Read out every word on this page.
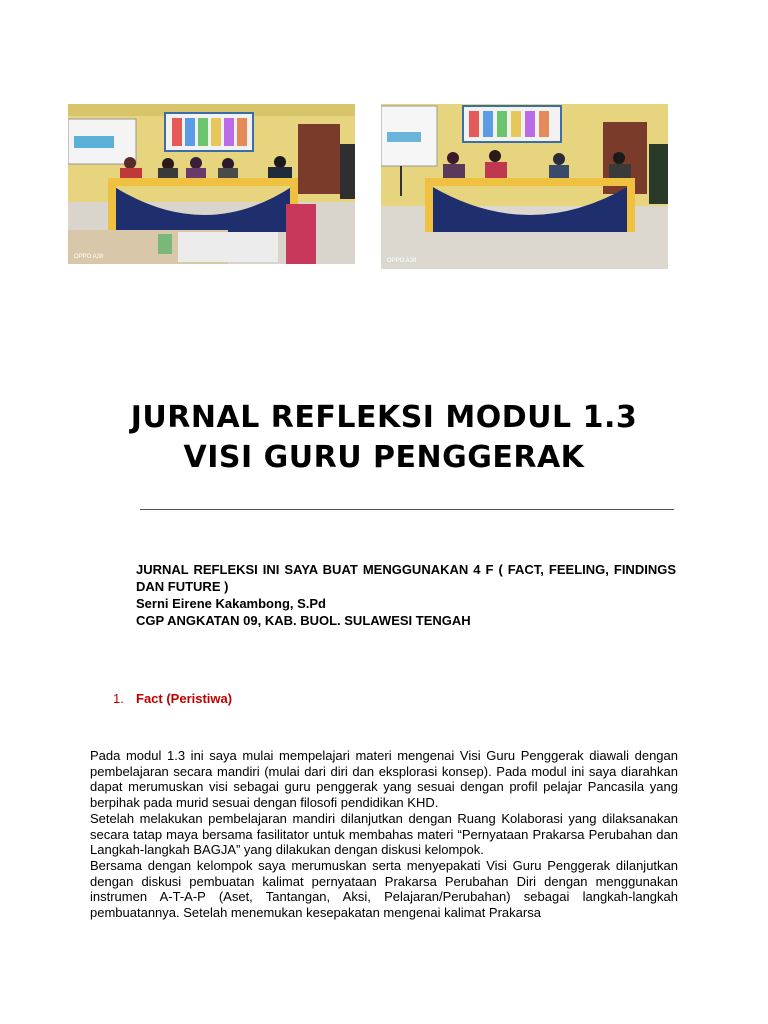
OPPO A38
OPPO A38
JURNAL REFLEKSI MODUL 1.3 VISI GURU PENGGERAK

JURNAL REFLEKSI INI SAYA BUAT MENGGUNAKAN 4 F ( FACT, FEELING, FINDINGS DAN FUTURE )

Serni Eirene Kakambong, S.Pd

CGP ANGKATAN 09, KAB. BUOL. SULAWESI TENGAH

1. Fact (Peristiwa)

Pada modul 1.3 ini saya mulai mempelajari materi mengenai Visi Guru Penggerak diawali dengan pembelajaran secara mandiri (mulai dari diri dan eksplorasi konsep). Pada modul ini saya diarahkan dapat merumuskan visi sebagai guru penggerak yang sesuai dengan profil pelajar Pancasila yang berpihak pada murid sesuai dengan filosofi pendidikan KHD.

Setelah melakukan pembelajaran mandiri dilanjutkan dengan Ruang Kolaborasi yang dilaksanakan secara tatap maya bersama fasilitator untuk membahas materi “Pernyataan Prakarsa Perubahan dan Langkah-langkah BAGJA” yang dilakukan dengan diskusi kelompok.

Bersama dengan kelompok saya merumuskan serta menyepakati Visi Guru Penggerak dilanjutkan dengan diskusi pembuatan kalimat pernyataan Prakarsa Perubahan Diri dengan menggunakan instrumen A-T-A-P (Aset, Tantangan, Aksi, Pelajaran/Perubahan) sebagai langkah-langkah pembuatannya. Setelah menemukan kesepakatan mengenai kalimat Prakarsa
